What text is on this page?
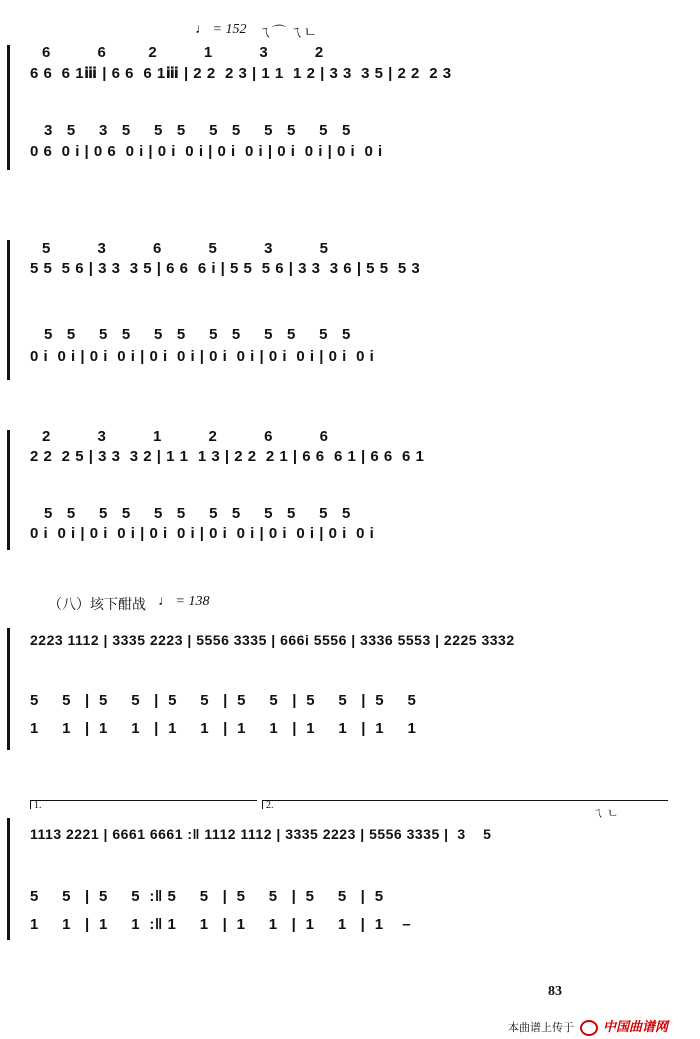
♩ = 152 ㄟ⌒ ㄟㄴ
6          6         2          1          3          2
6 6  6 1ⅲ | 6 6  6 1ⅲ | 2 2  2 3 | 1 1  1 2 | 3 3  3 5 | 2 2  2 3
3   5     3   5     5   5     5   5     5   5     5   5
0 6  0 i | 0 6  0 i | 0 i  0 i | 0 i  0 i | 0 i  0 i | 0 i  0 i
5          3          6          5          3          5
5 5  5 6 | 3 3  3 5 | 6 6  6 i | 5 5  5 6 | 3 3  3 6 | 5 5  5 3
5   5     5   5     5   5     5   5     5   5     5   5
0 i  0 i | 0 i  0 i | 0 i  0 i | 0 i  0 i | 0 i  0 i | 0 i  0 i
2          3          1          2          6          6
2 2  2 5 | 3 3  3 2 | 1 1  1 3 | 2 2  2 1 | 6 6  6 1 | 6 6  6 1
5   5     5   5     5   5     5   5     5   5     5   5
0 i  0 i | 0 i  0 i | 0 i  0 i | 0 i  0 i | 0 i  0 i | 0 i  0 i
（八）垓下酣战 ♩ = 138
2223 1112 | 3335 2223 | 5556 3335 | 666i 5556 | 3336 5553 | 2225 3332
5     5   |  5     5   |  5     5   |  5     5   |  5     5   |  5     5
1     1   |  1     1   |  1     1   |  1     1   |  1     1   |  1     1
1.	2.
ㄟ ㄴ
1113 2221 | 6661 6661 :‖ 1112 1112 | 3335 2223 | 5556 3335 |  3    5
5     5   |  5     5  :‖ 5     5   |  5     5   |  5     5   |  5
1     1   |  1     1  :‖ 1     1   |  1     1   |  1     1   |  1    –
83
本曲谱上传于 中国曲谱网
